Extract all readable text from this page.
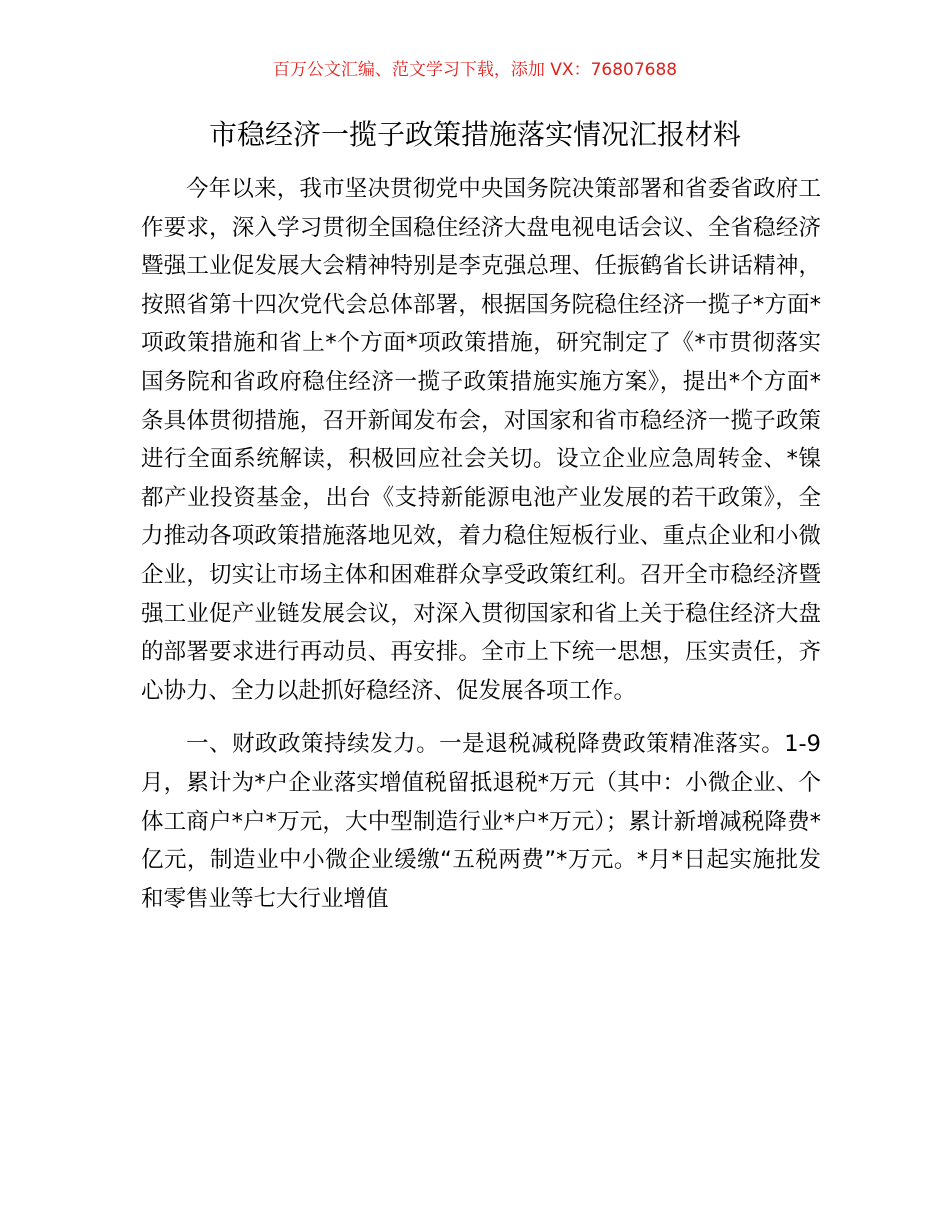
百万公文汇编、范文学习下载，添加 VX：76807688
市稳经济一揽子政策措施落实情况汇报材料

今年以来，我市坚决贯彻党中央国务院决策部署和省委省政府工作要求，深入学习贯彻全国稳住经济大盘电视电话会议、全省稳经济暨强工业促发展大会精神特别是李克强总理、任振鹤省长讲话精神，按照省第十四次党代会总体部署，根据国务院稳住经济一揽子*方面*项政策措施和省上*个方面*项政策措施，研究制定了《*市贯彻落实国务院和省政府稳住经济一揽子政策措施实施方案》，提出*个方面*条具体贯彻措施，召开新闻发布会，对国家和省市稳经济一揽子政策进行全面系统解读，积极回应社会关切。设立企业应急周转金、*镍都产业投资基金，出台《支持新能源电池产业发展的若干政策》，全力推动各项政策措施落地见效，着力稳住短板行业、重点企业和小微企业，切实让市场主体和困难群众享受政策红利。召开全市稳经济暨强工业促产业链发展会议，对深入贯彻国家和省上关于稳住经济大盘的部署要求进行再动员、再安排。全市上下统一思想，压实责任，齐心协力、全力以赴抓好稳经济、促发展各项工作。

一、财政政策持续发力。一是退税减税降费政策精准落实。1-9 月，累计为*户企业落实增值税留抵退税*万元（其中：小微企业、个体工商户*户*万元，大中型制造行业*户*万元）；累计新增减税降费*亿元，制造业中小微企业缓缴“五税两费”*万元。*月*日起实施批发和零售业等七大行业增值
